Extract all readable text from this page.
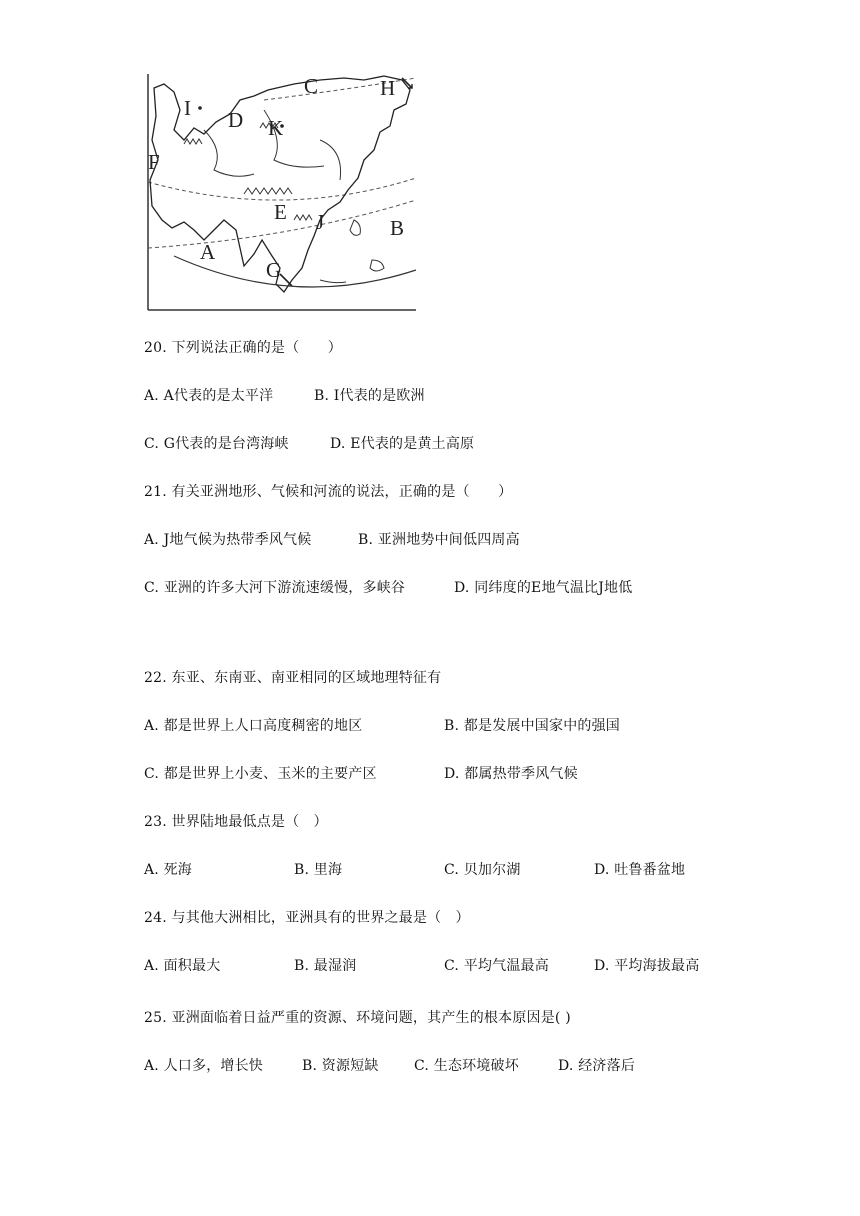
C	H
I D K
F
E J	B
A
G
20. 下列说法正确的是（　　）
A. A代表的是太平洋	B. I代表的是欧洲
C. G代表的是台湾海峡	D. E代表的是黄土高原
21. 有关亚洲地形、气候和河流的说法，正确的是（　　）
A. J地气候为热带季风气候	B. 亚洲地势中间低四周高
C. 亚洲的许多大河下游流速缓慢，多峡谷	D. 同纬度的E地气温比J地低
22. 东亚、东南亚、南亚相同的区域地理特征有
A. 都是世界上人口高度稠密的地区	B. 都是发展中国家中的强国
C. 都是世界上小麦、玉米的主要产区	D. 都属热带季风气候
23. 世界陆地最低点是（　）
A. 死海	B. 里海	C. 贝加尔湖	D. 吐鲁番盆地
24. 与其他大洲相比，亚洲具有的世界之最是（　）
A. 面积最大	B. 最湿润	C. 平均气温最高	D. 平均海拔最高
25. 亚洲面临着日益严重的资源、环境问题，其产生的根本原因是( )
A. 人口多，增长快	B. 资源短缺	C. 生态环境破坏	D. 经济落后
